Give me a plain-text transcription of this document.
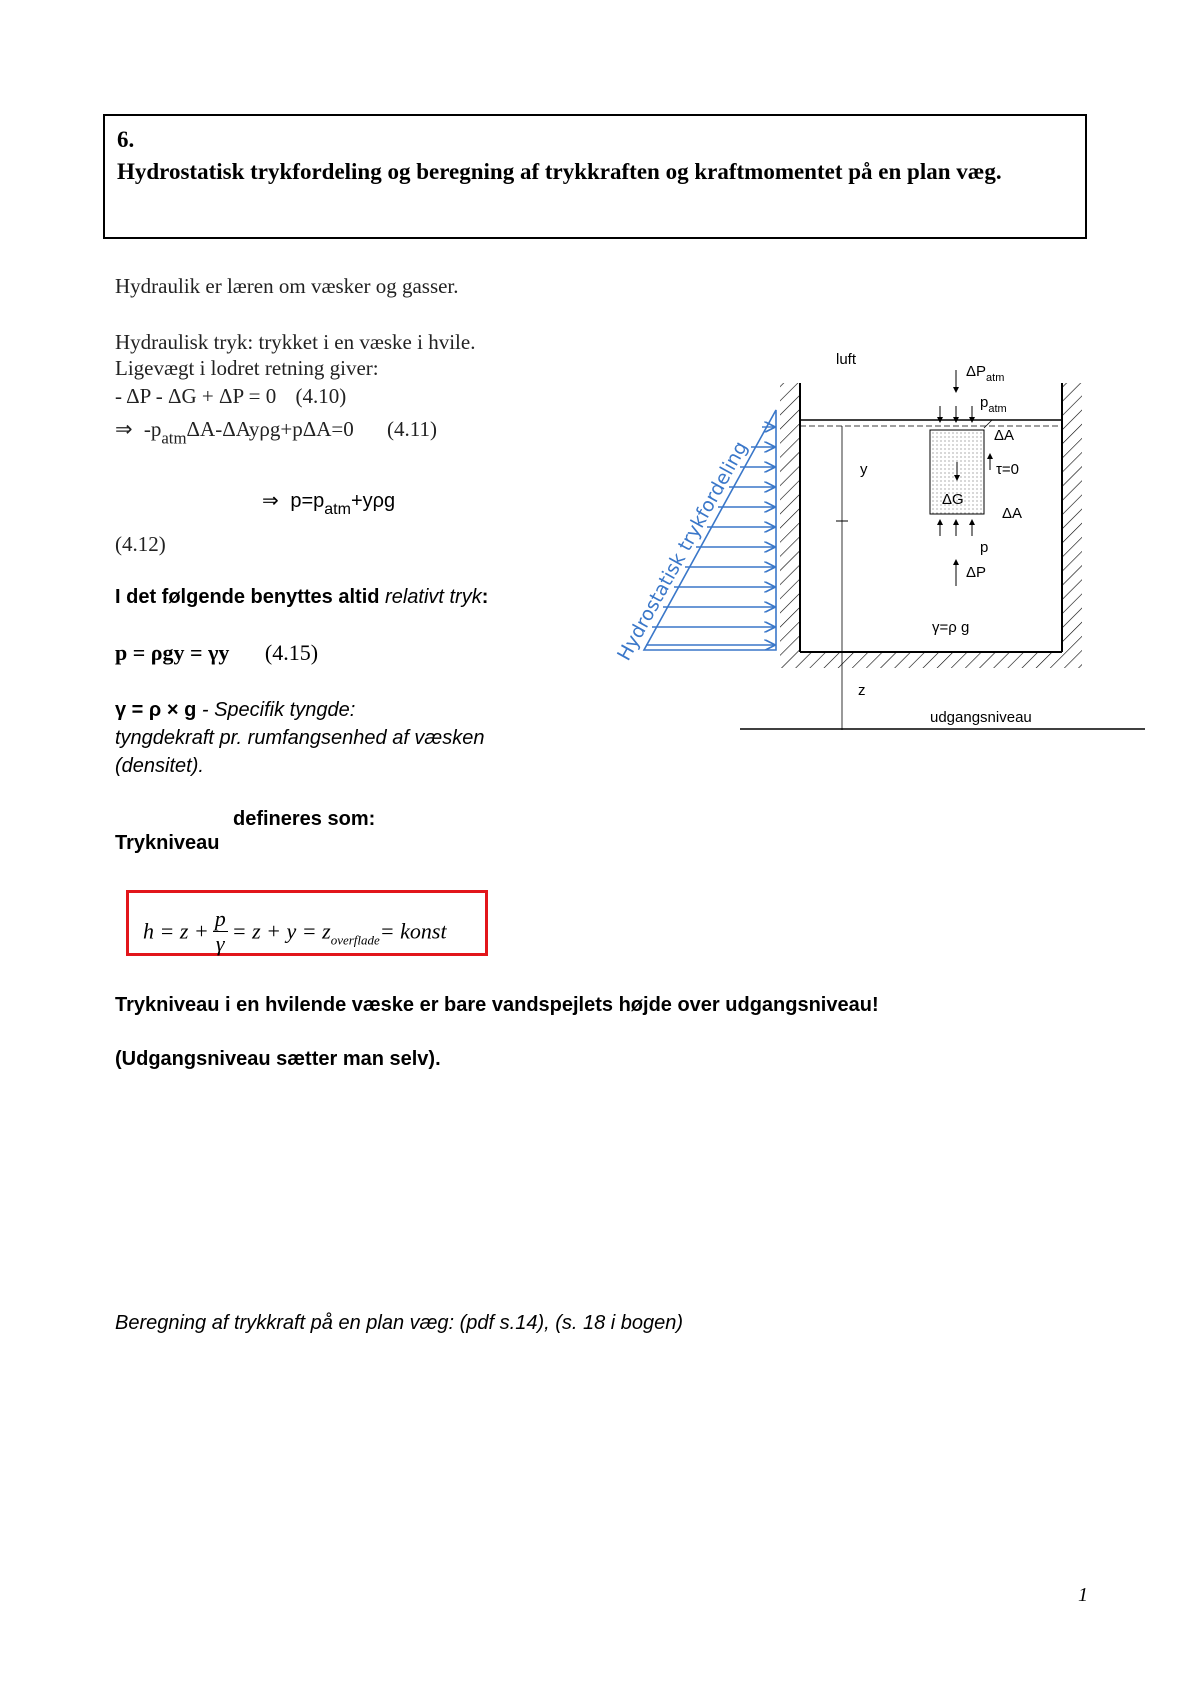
6.
Hydrostatisk trykfordeling og beregning af trykkraften og kraftmomentet på en plan væg.
Hydraulik er læren om væsker og gasser.
Hydraulisk tryk: trykket i en væske i hvile.
Ligevægt i lodret retning giver:
- ΔP - ΔG + ΔP = 0 (4.10)
⇒ $-p_{atm}\Delta A-\Delta Ay\rho g+p\Delta A=0$ (4.11)
⇒ $p=p_{atm}+y\rho g$
(4.12)
I det følgende benyttes altid relativt tryk:
p = ρgy = γy (4.15)
γ = ρ × g - Specifik tyngde:
tyngdekraft pr. rumfangsenhed af væsken
(densitet).
defineres som:
Trykniveau
$h = z + \frac{p}{\gamma} = z + y = z_{overflade}=$ konst
Trykniveau i en hvilende væske er bare vandspejlets højde over udgangsniveau!
(Udgangsniveau sætter man selv).
Beregning af trykkraft på en plan væg: (pdf s.14), (s. 18 i bogen)
1
Hydrostatisk trykfordeling
luft
$\Delta P_{atm}$
$p_{atm}$
ΔA
τ=0
ΔG
ΔA
p
ΔP
y
γ=ρ g
z
udgangsniveau
